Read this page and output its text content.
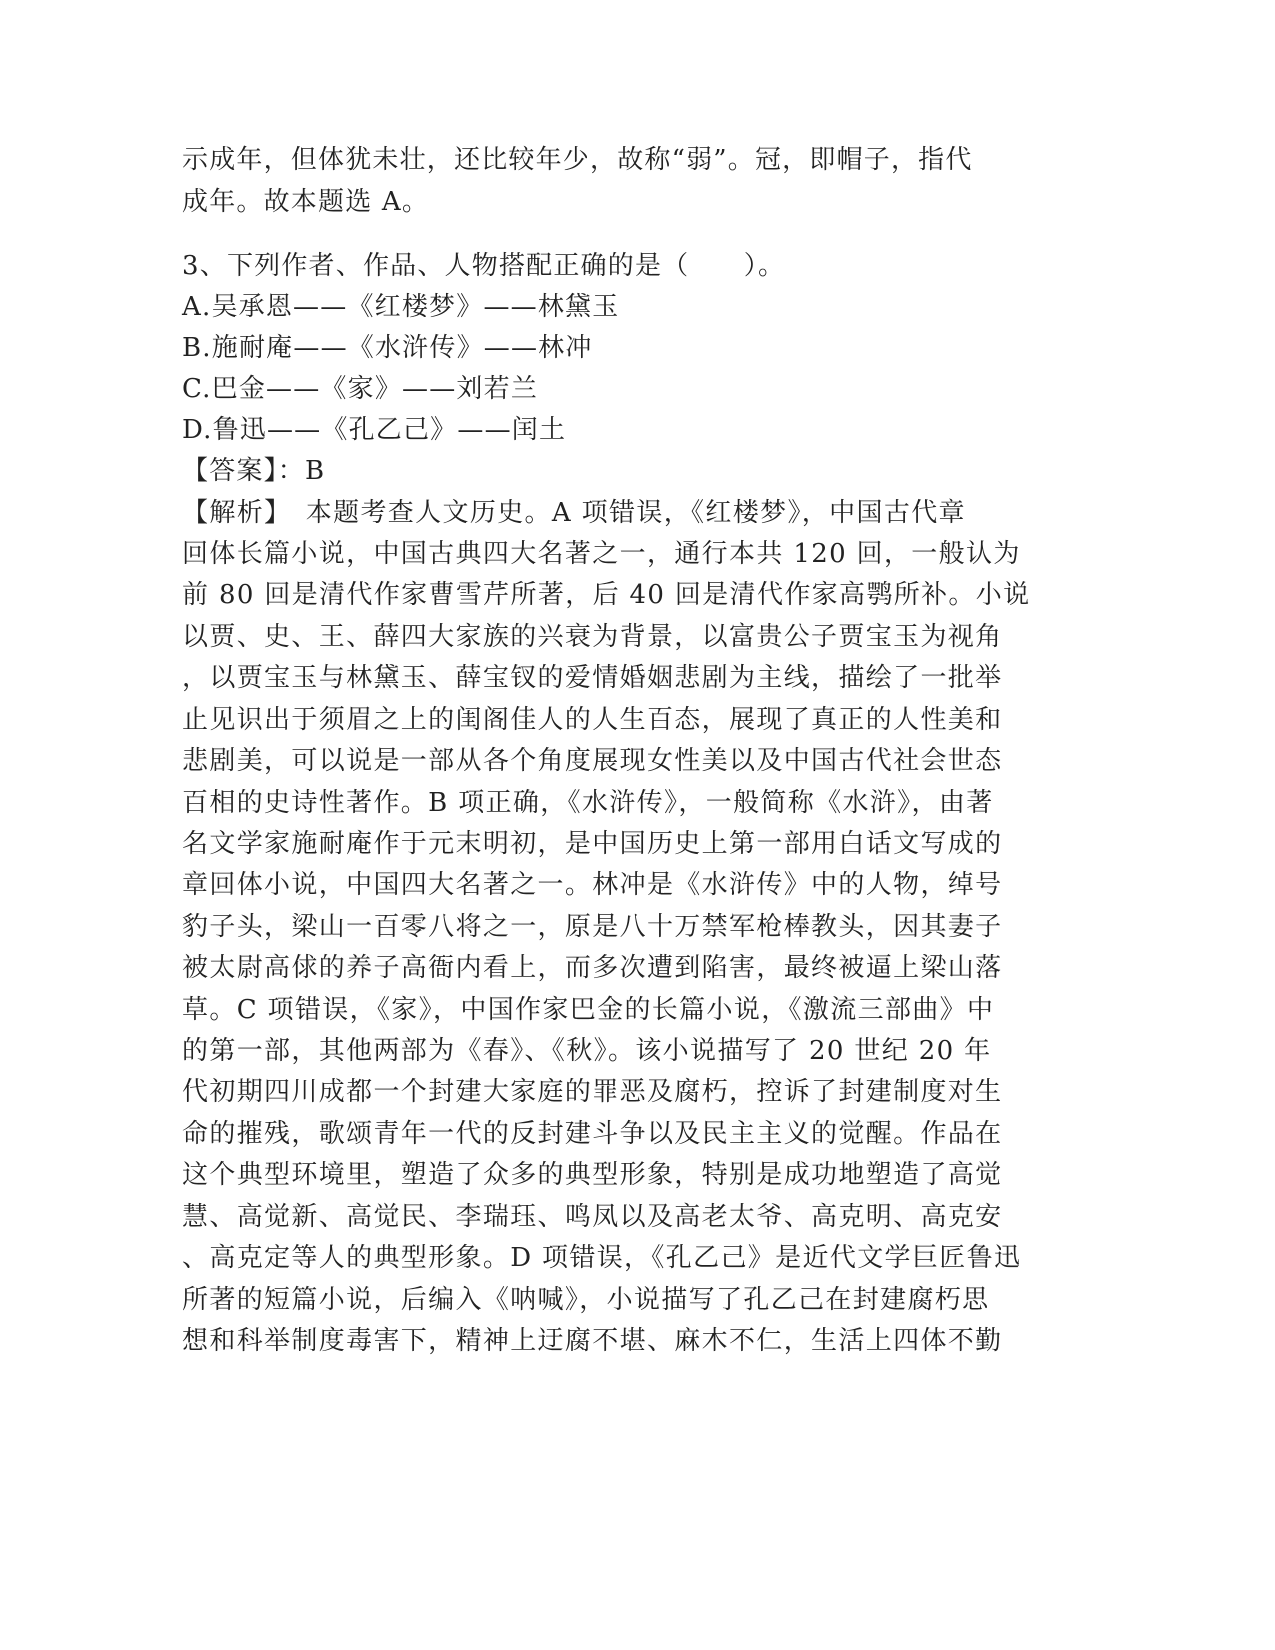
示成年，但体犹未壮，还比较年少，故称“弱”。冠，即帽子，指代
成年。故本题选 A。
3、下列作者、作品、人物搭配正确的是（　　）。
A.吴承恩——《红楼梦》——林黛玉
B.施耐庵——《水浒传》——林冲
C.巴金——《家》——刘若兰
D.鲁迅——《孔乙己》——闰土
【答案】：B
【解析】　本题考查人文历史。A 项错误，《红楼梦》，中国古代章
回体长篇小说，中国古典四大名著之一，通行本共 120 回，一般认为
前 80 回是清代作家曹雪芹所著，后 40 回是清代作家高鹗所补。小说
以贾、史、王、薛四大家族的兴衰为背景，以富贵公子贾宝玉为视角
，以贾宝玉与林黛玉、薛宝钗的爱情婚姻悲剧为主线，描绘了一批举
止见识出于须眉之上的闺阁佳人的人生百态，展现了真正的人性美和
悲剧美，可以说是一部从各个角度展现女性美以及中国古代社会世态
百相的史诗性著作。B 项正确，《水浒传》，一般简称《水浒》，由著
名文学家施耐庵作于元末明初，是中国历史上第一部用白话文写成的
章回体小说，中国四大名著之一。林冲是《水浒传》中的人物，绰号
豹子头，梁山一百零八将之一，原是八十万禁军枪棒教头，因其妻子
被太尉高俅的养子高衙内看上，而多次遭到陷害，最终被逼上梁山落
草。C 项错误，《家》，中国作家巴金的长篇小说，《激流三部曲》中
的第一部，其他两部为《春》、《秋》。该小说描写了 20 世纪 20 年
代初期四川成都一个封建大家庭的罪恶及腐朽，控诉了封建制度对生
命的摧残，歌颂青年一代的反封建斗争以及民主主义的觉醒。作品在
这个典型环境里，塑造了众多的典型形象，特别是成功地塑造了高觉
慧、高觉新、高觉民、李瑞珏、鸣凤以及高老太爷、高克明、高克安
、高克定等人的典型形象。D 项错误，《孔乙己》是近代文学巨匠鲁迅
所著的短篇小说，后编入《呐喊》，小说描写了孔乙己在封建腐朽思
想和科举制度毒害下，精神上迂腐不堪、麻木不仁，生活上四体不勤
